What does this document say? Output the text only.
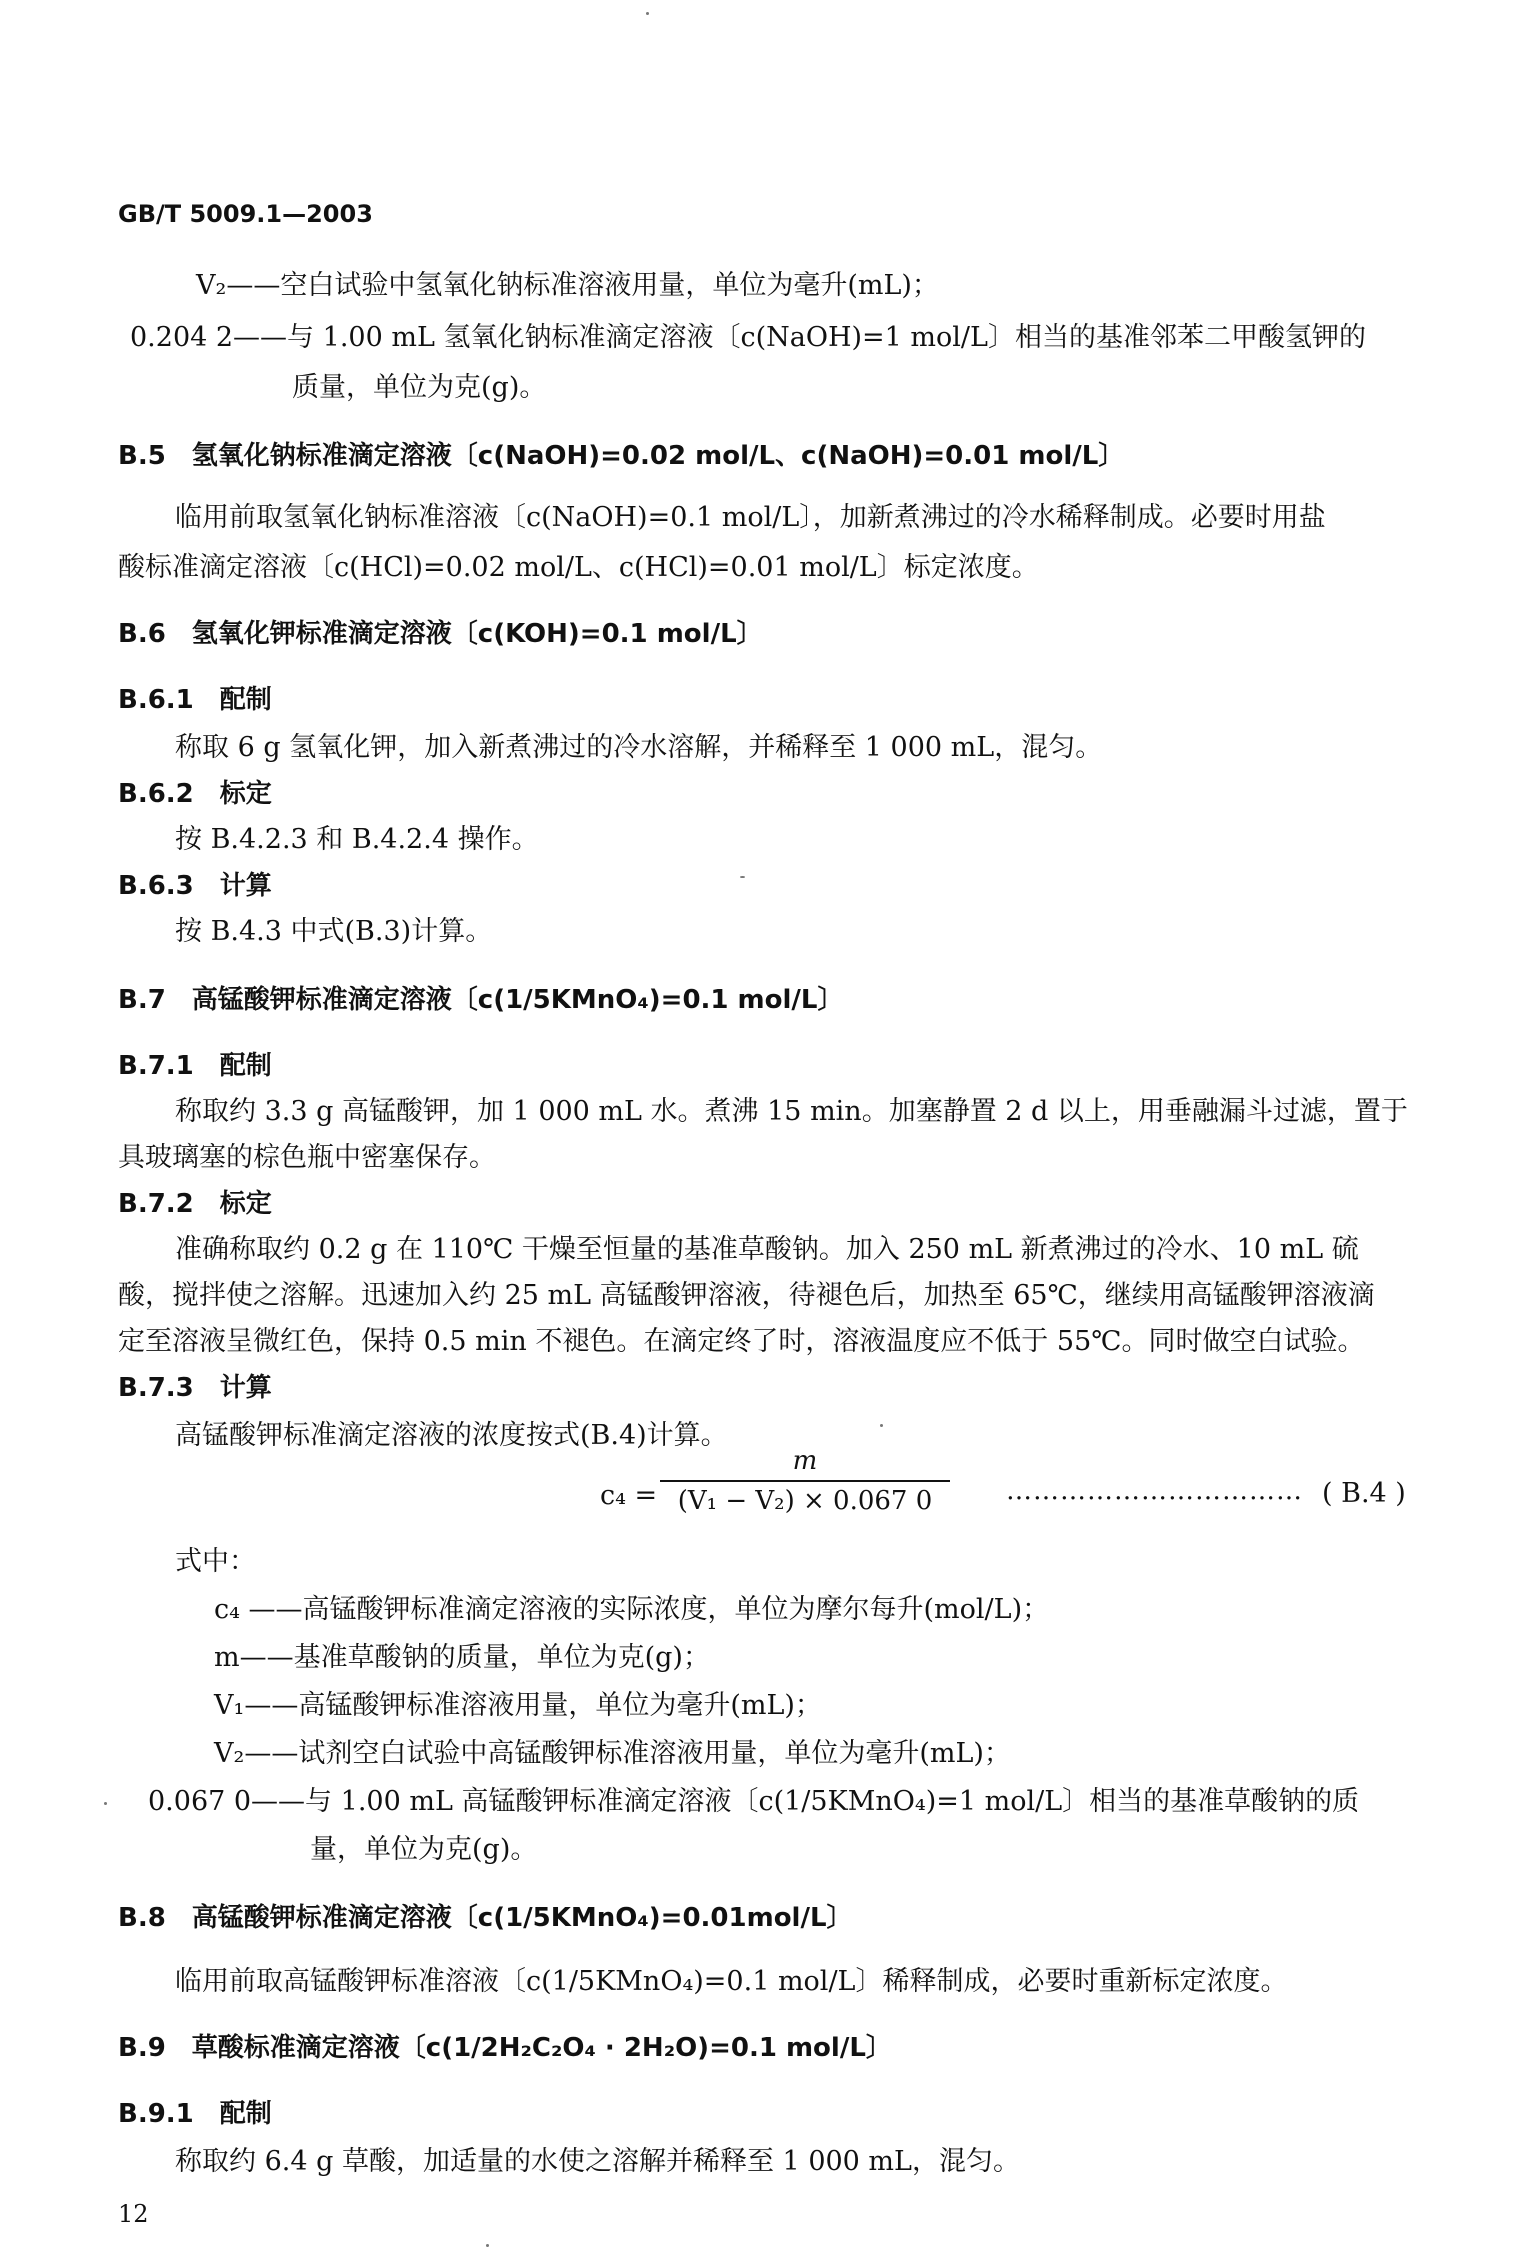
GB/T 5009.1—2003
V₂——空白试验中氢氧化钠标准溶液用量，单位为毫升(mL)；
0.204 2——与 1.00 mL 氢氧化钠标准滴定溶液〔c(NaOH)=1 mol/L〕相当的基准邻苯二甲酸氢钾的
质量，单位为克(g)。
B.5　氢氧化钠标准滴定溶液〔c(NaOH)=0.02 mol/L、c(NaOH)=0.01 mol/L〕
临用前取氢氧化钠标准溶液〔c(NaOH)=0.1 mol/L〕，加新煮沸过的冷水稀释制成。必要时用盐
酸标准滴定溶液〔c(HCl)=0.02 mol/L、c(HCl)=0.01 mol/L〕标定浓度。
B.6　氢氧化钾标准滴定溶液〔c(KOH)=0.1 mol/L〕
B.6.1　配制
称取 6 g 氢氧化钾，加入新煮沸过的冷水溶解，并稀释至 1 000 mL，混匀。
B.6.2　标定
按 B.4.2.3 和 B.4.2.4 操作。
B.6.3　计算
按 B.4.3 中式(B.3)计算。
B.7　高锰酸钾标准滴定溶液〔c(1/5KMnO₄)=0.1 mol/L〕
B.7.1　配制
称取约 3.3 g 高锰酸钾，加 1 000 mL 水。煮沸 15 min。加塞静置 2 d 以上，用垂融漏斗过滤，置于
具玻璃塞的棕色瓶中密塞保存。
B.7.2　标定
准确称取约 0.2 g 在 110℃ 干燥至恒量的基准草酸钠。加入 250 mL 新煮沸过的冷水、10 mL 硫
酸，搅拌使之溶解。迅速加入约 25 mL 高锰酸钾溶液，待褪色后，加热至 65℃，继续用高锰酸钾溶液滴
定至溶液呈微红色，保持 0.5 min 不褪色。在滴定终了时，溶液温度应不低于 55℃。同时做空白试验。
B.7.3　计算
高锰酸钾标准滴定溶液的浓度按式(B.4)计算。
c₄ =
m
(V₁ − V₂) × 0.067 0	…………………………… ( B.4 )
式中：
c₄ ——高锰酸钾标准滴定溶液的实际浓度，单位为摩尔每升(mol/L)；
m——基准草酸钠的质量，单位为克(g)；
V₁——高锰酸钾标准溶液用量，单位为毫升(mL)；
V₂——试剂空白试验中高锰酸钾标准溶液用量，单位为毫升(mL)；
0.067 0——与 1.00 mL 高锰酸钾标准滴定溶液〔c(1/5KMnO₄)=1 mol/L〕相当的基准草酸钠的质
量，单位为克(g)。
B.8　高锰酸钾标准滴定溶液〔c(1/5KMnO₄)=0.01mol/L〕
临用前取高锰酸钾标准溶液〔c(1/5KMnO₄)=0.1 mol/L〕稀释制成，必要时重新标定浓度。
B.9　草酸标准滴定溶液〔c(1/2H₂C₂O₄ · 2H₂O)=0.1 mol/L〕
B.9.1　配制
称取约 6.4 g 草酸，加适量的水使之溶解并稀释至 1 000 mL，混匀。
12
